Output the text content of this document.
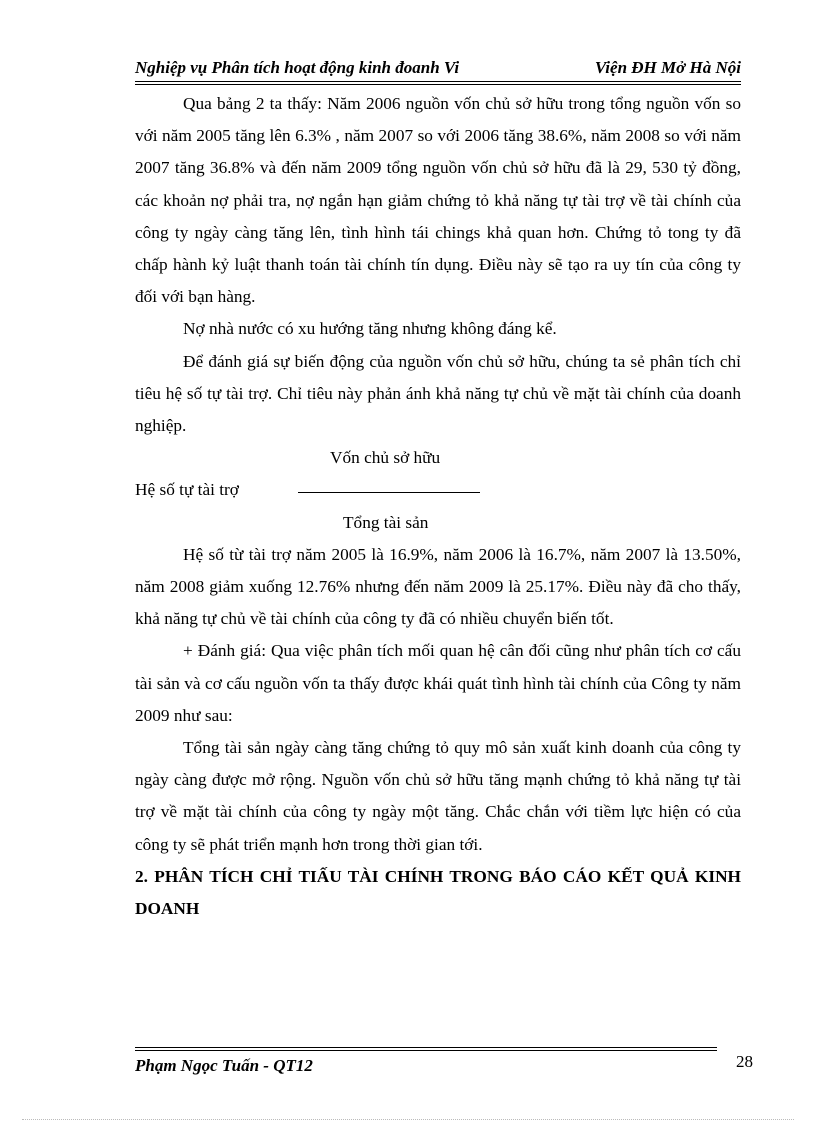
Nghiệp vụ Phân tích hoạt động kinh đoanh Vi	Viện ĐH Mở Hà Nội

Qua bảng 2 ta thấy: Năm 2006 nguồn vốn chủ sở hữu trong tổng nguồn vốn so với năm 2005 tăng lên 6.3% , năm 2007 so với 2006 tăng 38.6%, năm 2008 so với năm 2007 tăng 36.8% và đến năm 2009 tổng nguồn vốn chủ sở hữu đã là 29, 530 tỷ đồng, các khoản nợ phải tra, nợ ngắn hạn giảm chứng tỏ khả năng tự tài trợ về tài chính của công ty ngày càng tăng lên, tình hình tái chings khả quan hơn. Chứng tỏ tong ty đã chấp hành kỷ luật thanh toán tài chính tín dụng. Điều này sẽ tạo ra uy tín của công ty đối với bạn hàng.

Nợ nhà nước có xu hướng tăng nhưng không đáng kể.

Để đánh giá sự biến động của nguồn vốn chủ sở hữu, chúng ta sẻ phân tích chỉ tiêu hệ số tự tài trợ. Chỉ tiêu này phản ánh khả năng tự chủ về mặt tài chính của doanh nghiệp.

Vốn chủ sở hữu
Hệ số tự tài trợ
Tổng tài sản

Hệ số từ tài trợ năm 2005 là 16.9%, năm 2006 là 16.7%, năm 2007 là 13.50%, năm 2008 giảm xuống 12.76% nhưng đến năm 2009 là 25.17%. Điều này đã cho thấy, khả năng tự chủ về tài chính của công ty đã có nhiều chuyển biến tốt.

+ Đánh giá: Qua việc phân tích mối quan hệ cân đối cũng như phân tích cơ cấu tài sản và cơ cấu nguồn vốn ta thấy được khái quát tình hình tài chính của Công ty năm 2009 như sau:

Tổng tài sản ngày càng tăng chứng tỏ quy mô sản xuất kinh doanh của công ty ngày càng được mở rộng. Nguồn vốn chủ sở hữu tăng mạnh chứng tỏ khả năng tự tài trợ về mặt tài chính của công ty ngày một tăng. Chắc chắn với tiềm lực hiện có của công ty sẽ phát triển mạnh hơn trong thời gian tới.

2. PHÂN TÍCH CHỈ TIẤU TÀI CHÍNH TRONG BÁO CÁO KẾT QUẢ KINH DOANH
Phạm Ngọc Tuấn - QT12	28
